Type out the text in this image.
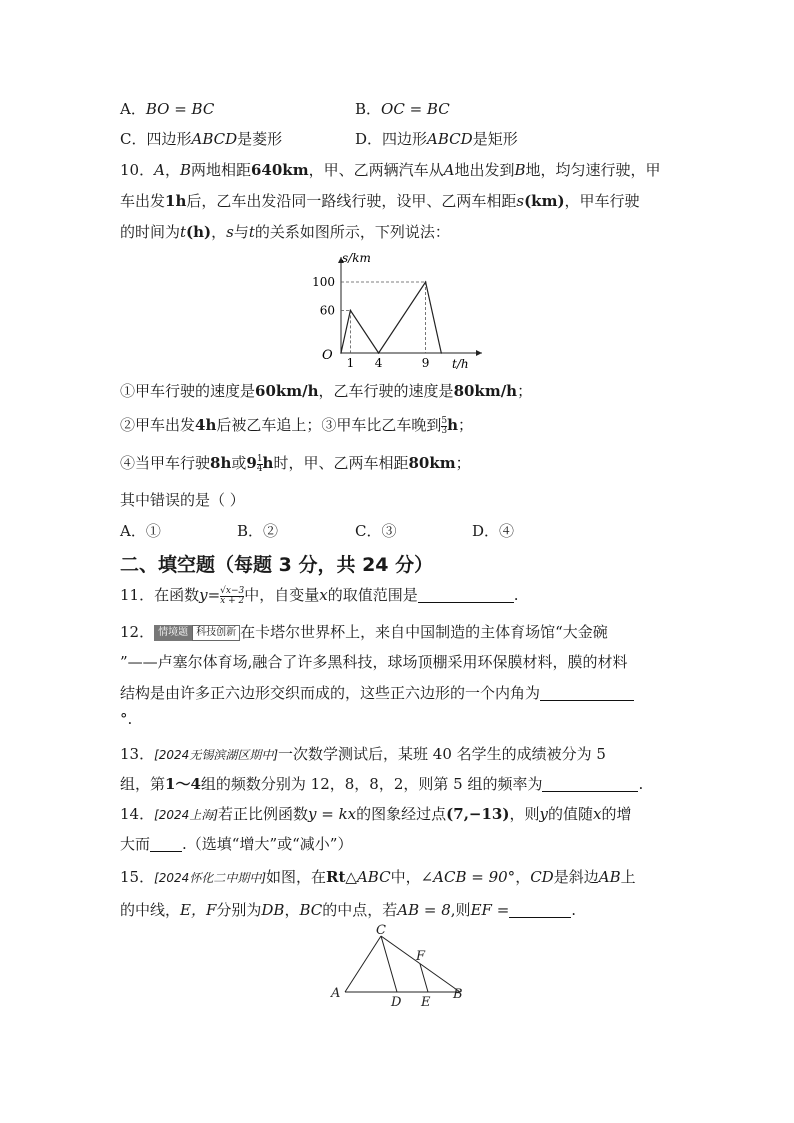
A．BO = BC	B．OC = BC
C．四边形ABCD是菱形	D．四边形ABCD是矩形
10．A，B两地相距640km，甲、乙两辆汽车从A地出发到B地，均匀速行驶，甲
车出发1h后，乙车出发沿同一路线行驶，设甲、乙两车相距s(km)，甲车行驶
的时间为t(h)，s与t的关系如图所示，下列说法：
s/km
t/h
O
60
100
1 4	9
①甲车行驶的速度是60km/h，乙车行驶的速度是80km/h；
②甲车出发4h后被乙车追上；③甲车比乙车晚到 $\frac{5}{3}$ h；
④当甲车行驶8h或$9 \frac{1}{4}$ h时，甲、乙两车相距80km；
其中错误的是（ ）
A．①	B．②	C．③	D．④
二、填空题（每题 3 分，共 24 分）
11．在函数$y= \frac{√x-3}{x + 2}$ 中，自变量x的取值范围是	.
12． 情境题 科技创新 在卡塔尔世界杯上，来自中国制造的主体育场馆“大金碗
”——卢塞尔体育场,融合了许多黑科技，球场顶棚采用环保膜材料，膜的材料
结构是由许多正六边形交织而成的，这些正六边形的一个内角为
°.
13．[2024无锡滨湖区期中]一次数学测试后，某班 40 名学生的成绩被分为 5
组，第1～4组的频数分别为 12，8，8，2，则第 5 组的频率为	.
14．[2024上海]若正比例函数y = kx的图象经过点(7,−13)，则y的值随x的增
大而 .（选填“增大”或“减小”）
15．[2024怀化二中期中]如图，在Rt△ABC中，∠ACB = 90°，CD是斜边AB上
的中线，E，F分别为DB，BC的中点，若AB = 8,则EF =	.
A	B
C
D E
F
